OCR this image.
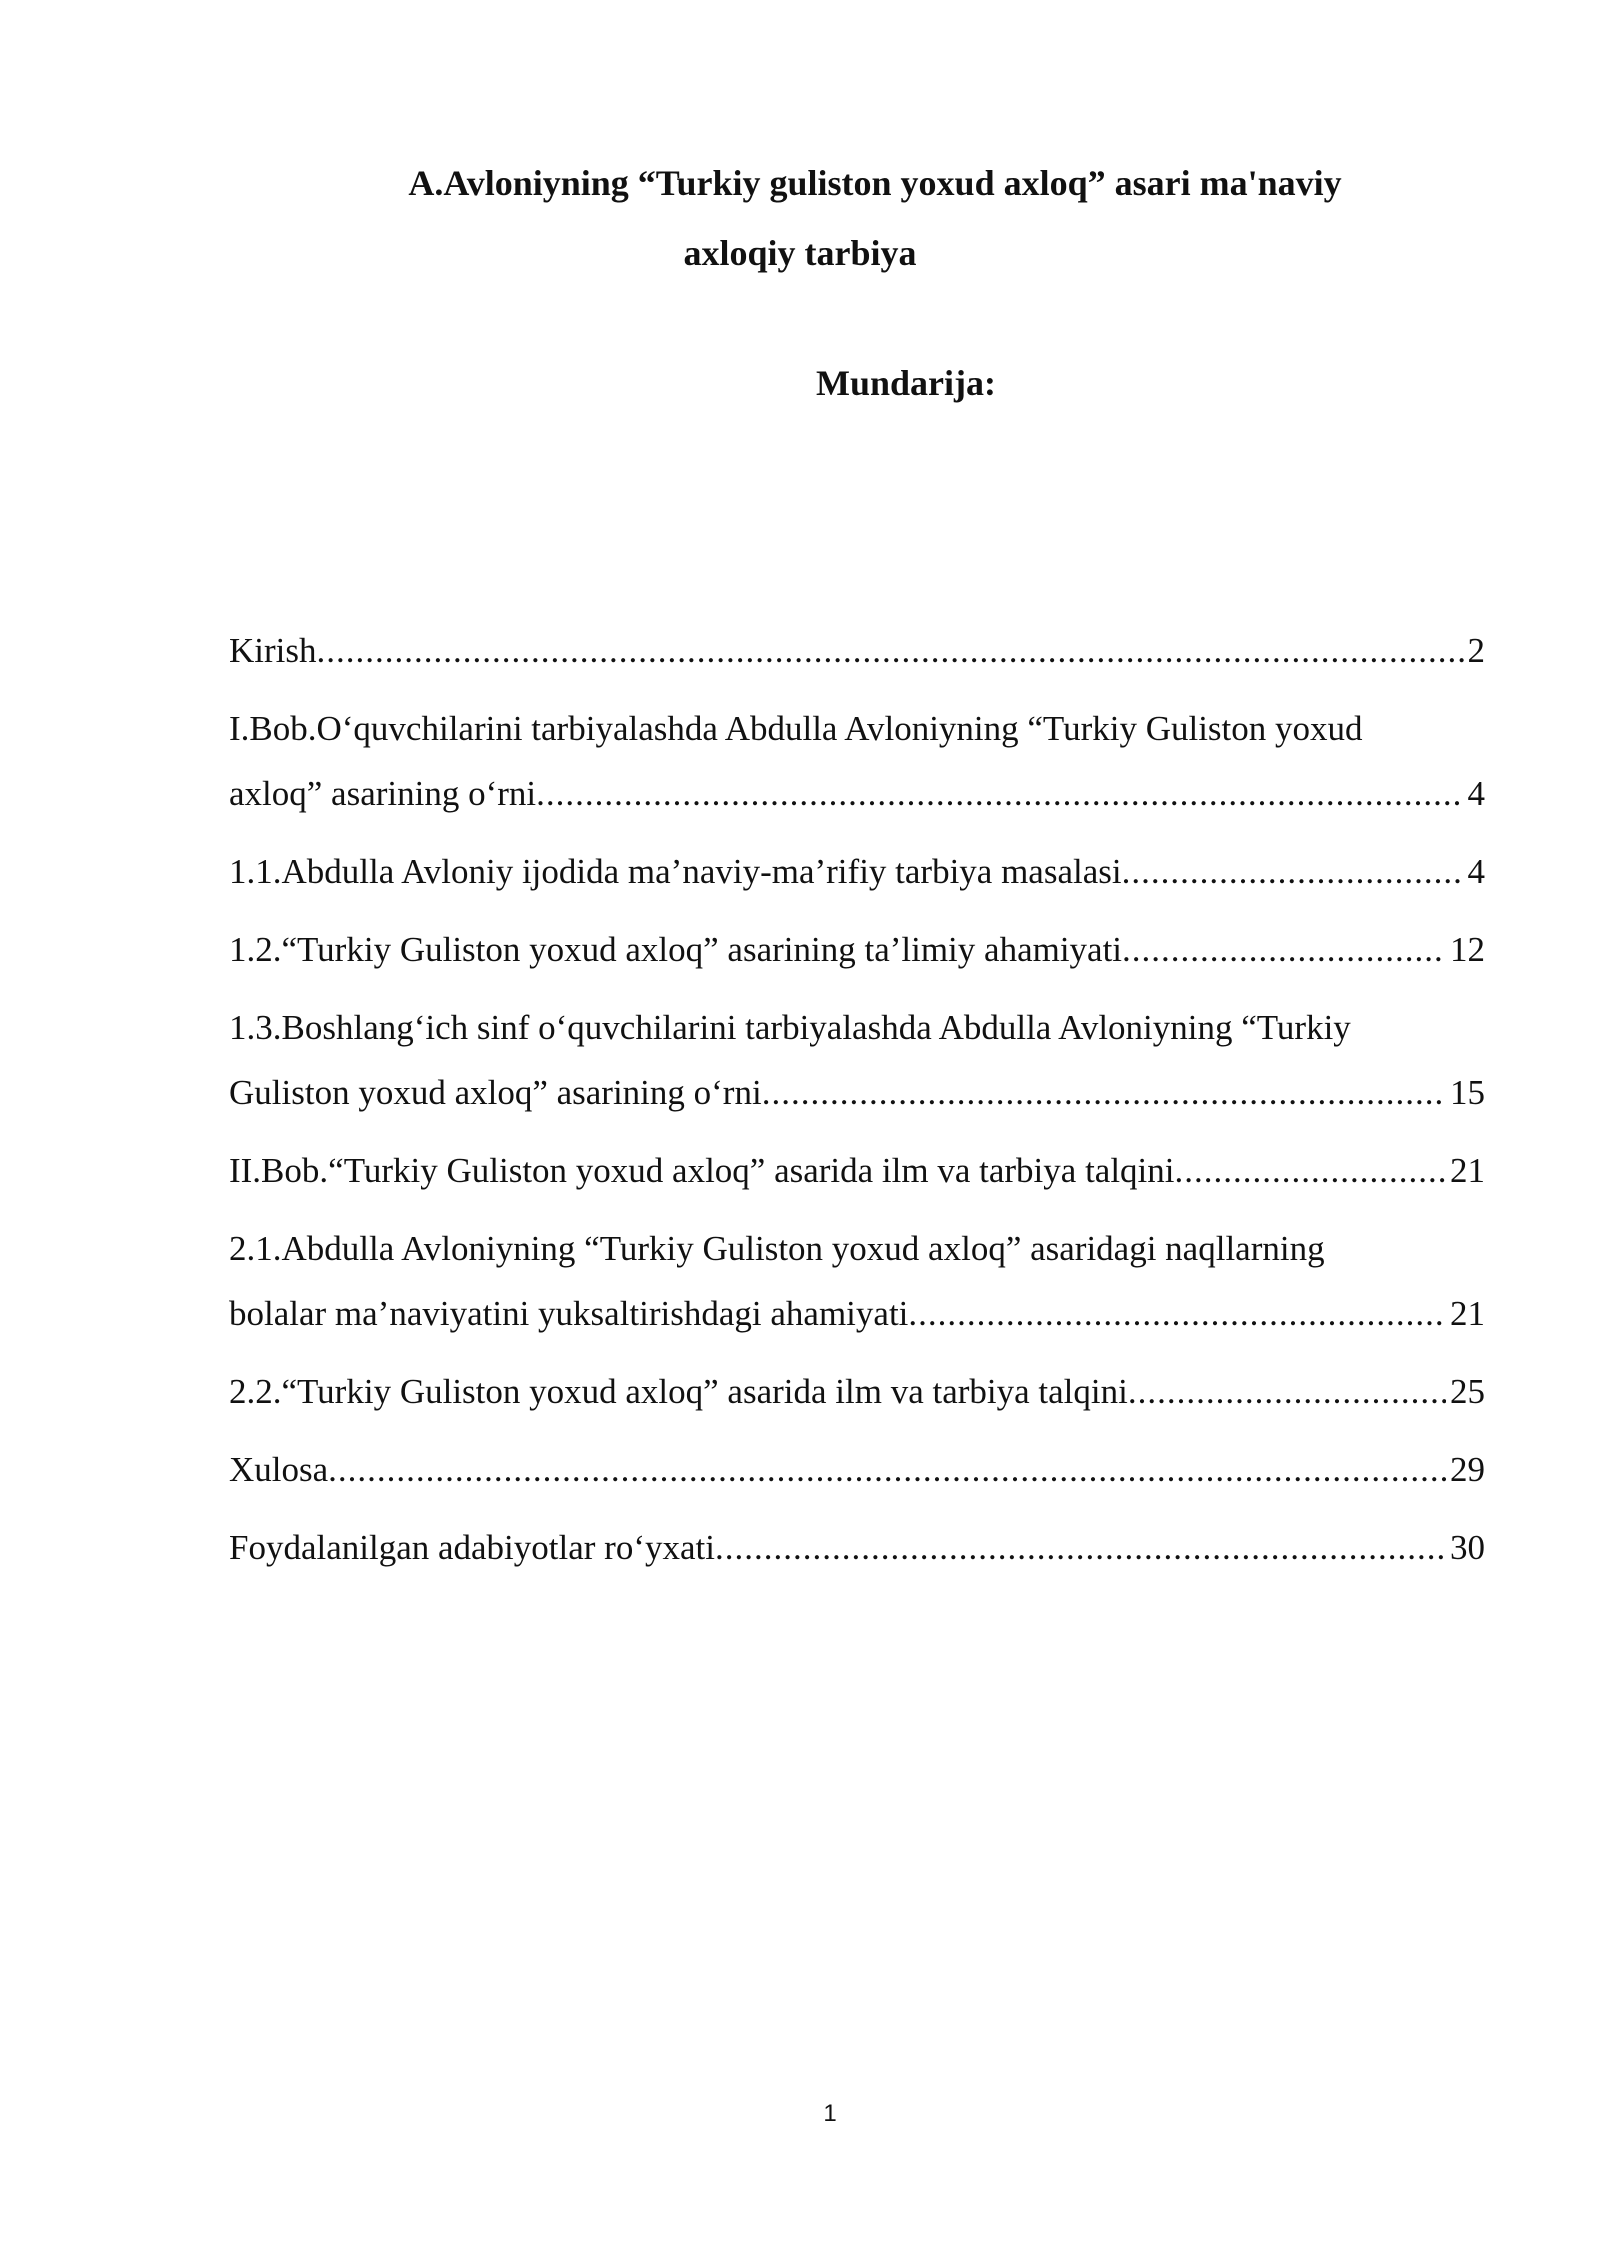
A.Avloniyning “Turkiy guliston yoxud axloq” asari ma'naviy
axloqiy tarbiya
Mundarija:
Kirish .....	2
I.Bob.O‘quvchilarini tarbiyalashda Abdulla Avloniyning “Turkiy Guliston yoxud
axloq” asarining o‘rni .....	4
1.1.Abdulla Avloniy ijodida ma’naviy-ma’rifiy tarbiya masalasi .....	4
1.2.“Turkiy Guliston yoxud axloq” asarining ta’limiy ahamiyati .....	12
1.3.Boshlang‘ich sinf o‘quvchilarini tarbiyalashda Abdulla Avloniyning “Turkiy
Guliston yoxud axloq” asarining o‘rni .....	15
II.Bob.“Turkiy Guliston yoxud axloq” asarida ilm va tarbiya talqini .....	21
2.1.Abdulla Avloniyning “Turkiy Guliston yoxud axloq” asaridagi naqllarning
bolalar ma’naviyatini yuksaltirishdagi ahamiyati .....	21
2.2.“Turkiy Guliston yoxud axloq” asarida ilm va tarbiya talqini .....	25
Xulosa .....	29
Foydalanilgan adabiyotlar ro‘yxati .....	30
1
